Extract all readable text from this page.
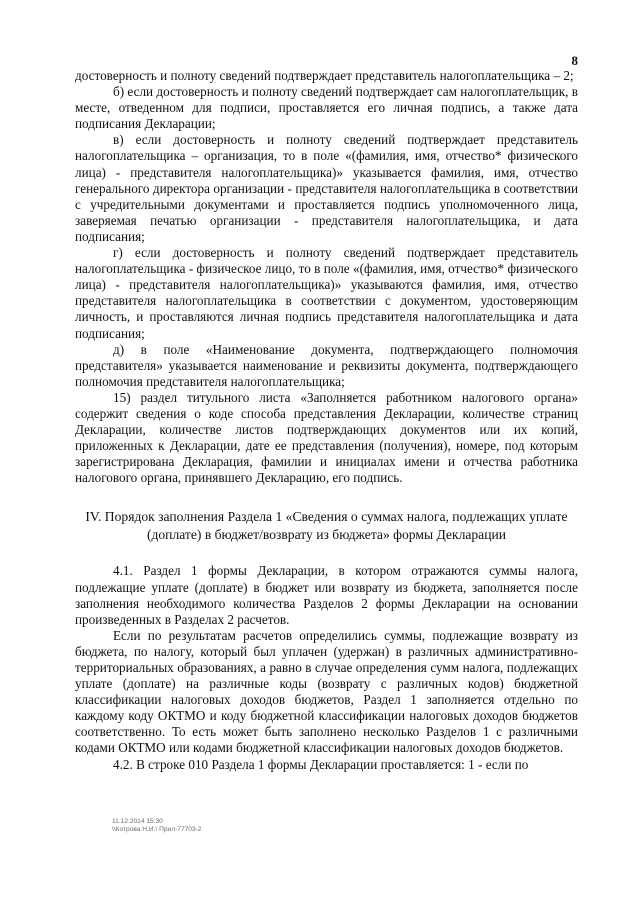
8

достоверность и полноту сведений подтверждает представитель налогоплательщика – 2;

б) если достоверность и полноту сведений подтверждает сам налогоплательщик, в месте, отведенном для подписи, проставляется его личная подпись, а также дата подписания Декларации;

в) если достоверность и полноту сведений подтверждает представитель налогоплательщика – организация, то в поле «(фамилия, имя, отчество* физического лица) - представителя налогоплательщика)» указывается фамилия, имя, отчество генерального директора организации - представителя налогоплательщика в соответствии с учредительными документами и проставляется подпись уполномоченного лица, заверяемая печатью организации - представителя налогоплательщика, и дата подписания;

г) если достоверность и полноту сведений подтверждает представитель налогоплательщика - физическое лицо, то в поле «(фамилия, имя, отчество* физического лица) - представителя налогоплательщика)» указываются фамилия, имя, отчество представителя налогоплательщика в соответствии с документом, удостоверяющим личность, и проставляются личная подпись представителя налогоплательщика и дата подписания;

д) в поле «Наименование документа, подтверждающего полномочия представителя» указывается наименование и реквизиты документа, подтверждающего полномочия представителя налогоплательщика;

15) раздел титульного листа «Заполняется работником налогового органа» содержит сведения о коде способа представления Декларации, количестве страниц Декларации, количестве листов подтверждающих документов или их копий, приложенных к Декларации, дате ее представления (получения), номере, под которым зарегистрирована Декларация, фамилии и инициалах имени и отчества работника налогового органа, принявшего Декларацию, его подпись.

IV. Порядок заполнения Раздела 1 «Сведения о суммах налога, подлежащих уплате (доплате) в бюджет/возврату из бюджета» формы Декларации

4.1. Раздел 1 формы Декларации, в котором отражаются суммы налога, подлежащие уплате (доплате) в бюджет или возврату из бюджета, заполняется после заполнения необходимого количества Разделов 2 формы Декларации на основании произведенных в Разделах 2 расчетов.

Если по результатам расчетов определились суммы, подлежащие возврату из бюджета, по налогу, который был уплачен (удержан) в различных административно-территориальных образованиях, а равно в случае определения сумм налога, подлежащих уплате (доплате) на различные коды (возврату с различных кодов) бюджетной классификации налоговых доходов бюджетов, Раздел 1 заполняется отдельно по каждому коду ОКТМО и коду бюджетной классификации налоговых доходов бюджетов соответственно. То есть может быть заполнено несколько Разделов 1 с различными кодами ОКТМО или кодами бюджетной классификации налоговых доходов бюджетов.

4.2. В строке 010 Раздела 1 формы Декларации проставляется: 1 - если по

11.12.2014 15:30
\\Котрова Н.И.\ Прил-77703-2
